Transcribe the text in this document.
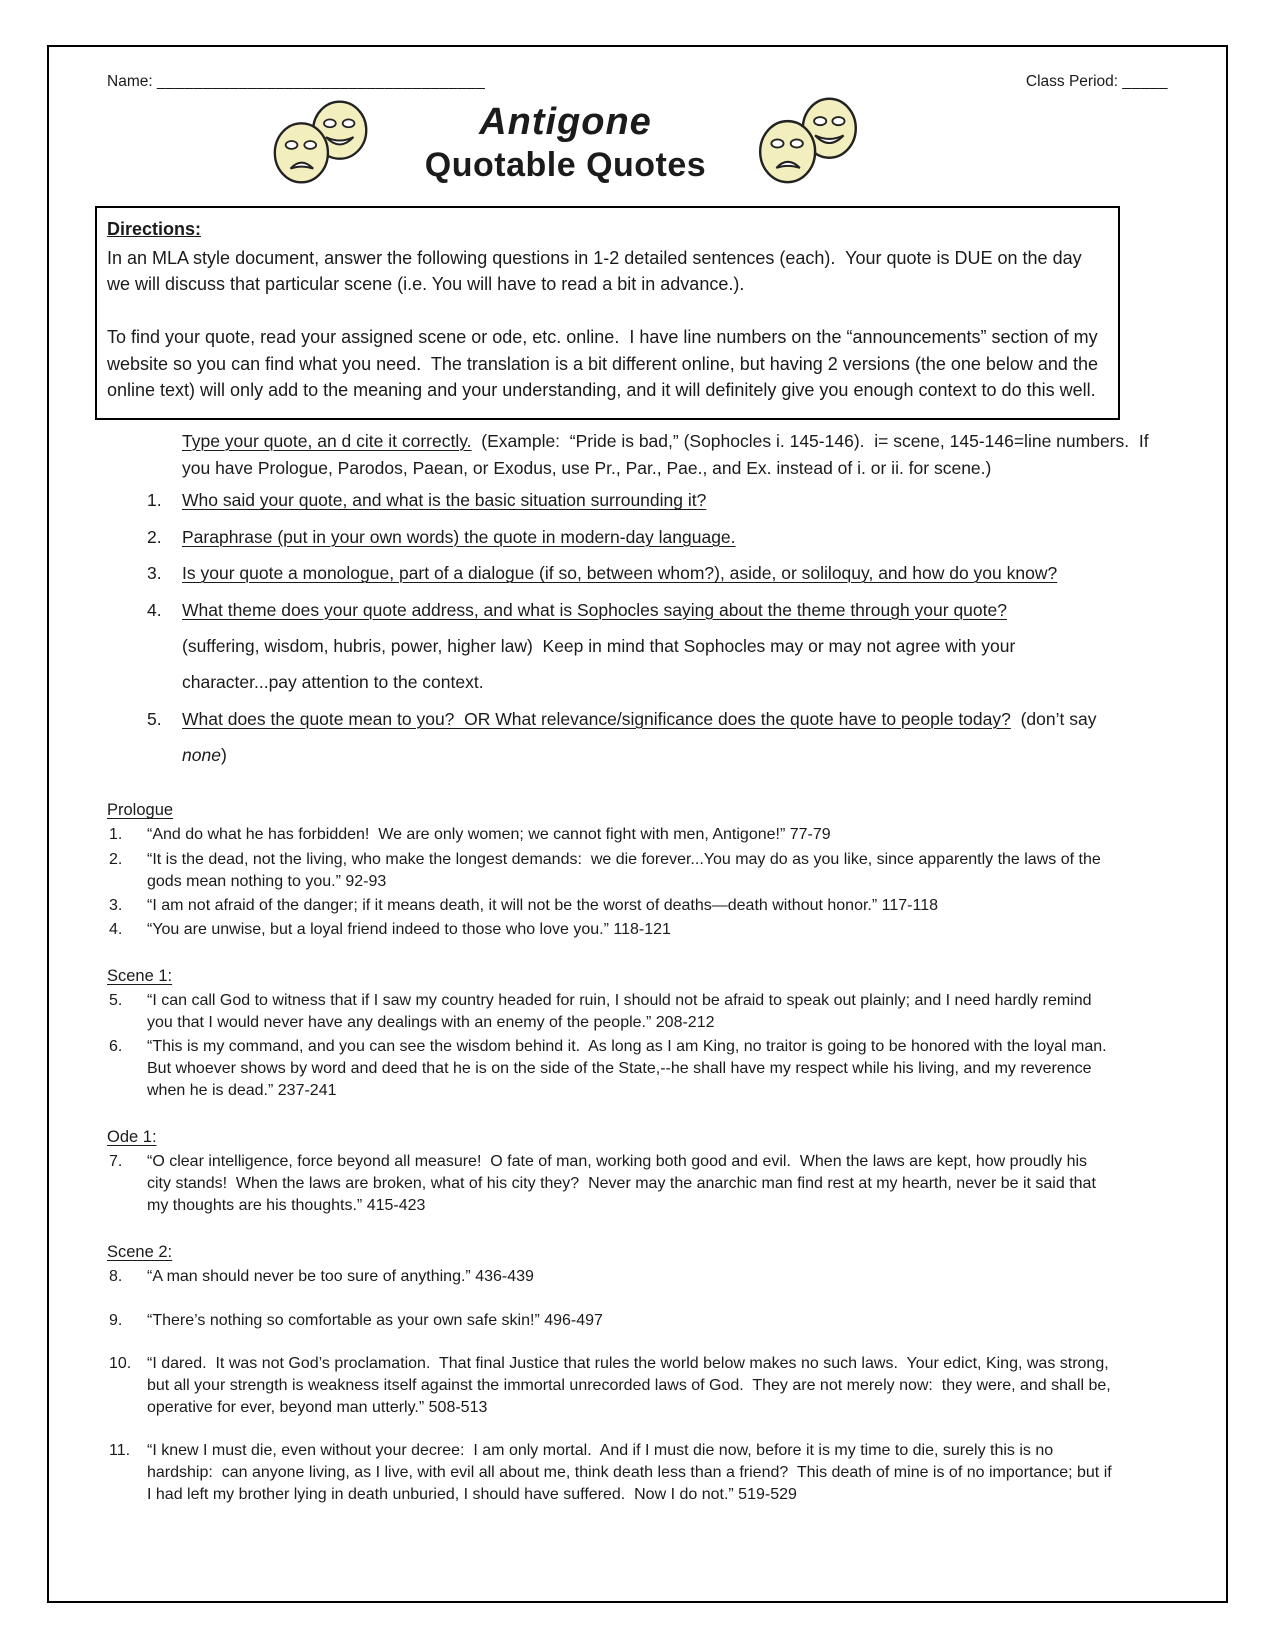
Name: ____________________________________	Class Period: _____
Antigone
Quotable Quotes
Directions:

In an MLA style document, answer the following questions in 1-2 detailed sentences (each).  Your quote is DUE on the day we will discuss that particular scene (i.e. You will have to read a bit in advance.).

To find your quote, read your assigned scene or ode, etc. online.  I have line numbers on the “announcements” section of my website so you can find what you need.  The translation is a bit different online, but having 2 versions (the one below and the online text) will only add to the meaning and your understanding, and it will definitely give you enough context to do this well.

Type your quote, an d cite it correctly.  (Example:  “Pride is bad,” (Sophocles i. 145-146).  i= scene, 145-146=line numbers.  If you have Prologue, Parodos, Paean, or Exodus, use Pr., Par., Pae., and Ex. instead of i. or ii. for scene.)
1. Who said your quote, and what is the basic situation surrounding it?
2. Paraphrase (put in your own words) the quote in modern-day language.
3. Is your quote a monologue, part of a dialogue (if so, between whom?), aside, or soliloquy, and how do you know?
4. What theme does your quote address, and what is Sophocles saying about the theme through your quote?
(suffering, wisdom, hubris, power, higher law)  Keep in mind that Sophocles may or may not agree with your character...pay attention to the context.
5. What does the quote mean to you?  OR What relevance/significance does the quote have to people today?  (don’t say none)
Prologue
1. “And do what he has forbidden!  We are only women; we cannot fight with men, Antigone!” 77-79
2. “It is the dead, not the living, who make the longest demands:  we die forever...You may do as you like, since apparently the laws of the gods mean nothing to you.” 92-93
3. “I am not afraid of the danger; if it means death, it will not be the worst of deaths—death without honor.” 117-118
4. “You are unwise, but a loyal friend indeed to those who love you.” 118-121
Scene 1:
5. “I can call God to witness that if I saw my country headed for ruin, I should not be afraid to speak out plainly; and I need hardly remind you that I would never have any dealings with an enemy of the people.” 208-212
6. “This is my command, and you can see the wisdom behind it.  As long as I am King, no traitor is going to be honored with the loyal man.  But whoever shows by word and deed that he is on the side of the State,--he shall have my respect while his living, and my reverence when he is dead.” 237-241
Ode 1:
7. “O clear intelligence, force beyond all measure!  O fate of man, working both good and evil.  When the laws are kept, how proudly his city stands!  When the laws are broken, what of his city they?  Never may the anarchic man find rest at my hearth, never be it said that my thoughts are his thoughts.” 415-423
Scene 2:
8. “A man should never be too sure of anything.” 436-439
9. “There’s nothing so comfortable as your own safe skin!” 496-497
10. “I dared.  It was not God’s proclamation.  That final Justice that rules the world below makes no such laws.  Your edict, King, was strong, but all your strength is weakness itself against the immortal unrecorded laws of God.  They are not merely now:  they were, and shall be, operative for ever, beyond man utterly.” 508-513
11. “I knew I must die, even without your decree:  I am only mortal.  And if I must die now, before it is my time to die, surely this is no hardship:  can anyone living, as I live, with evil all about me, think death less than a friend?  This death of mine is of no importance; but if I had left my brother lying in death unburied, I should have suffered.  Now I do not.” 519-529
